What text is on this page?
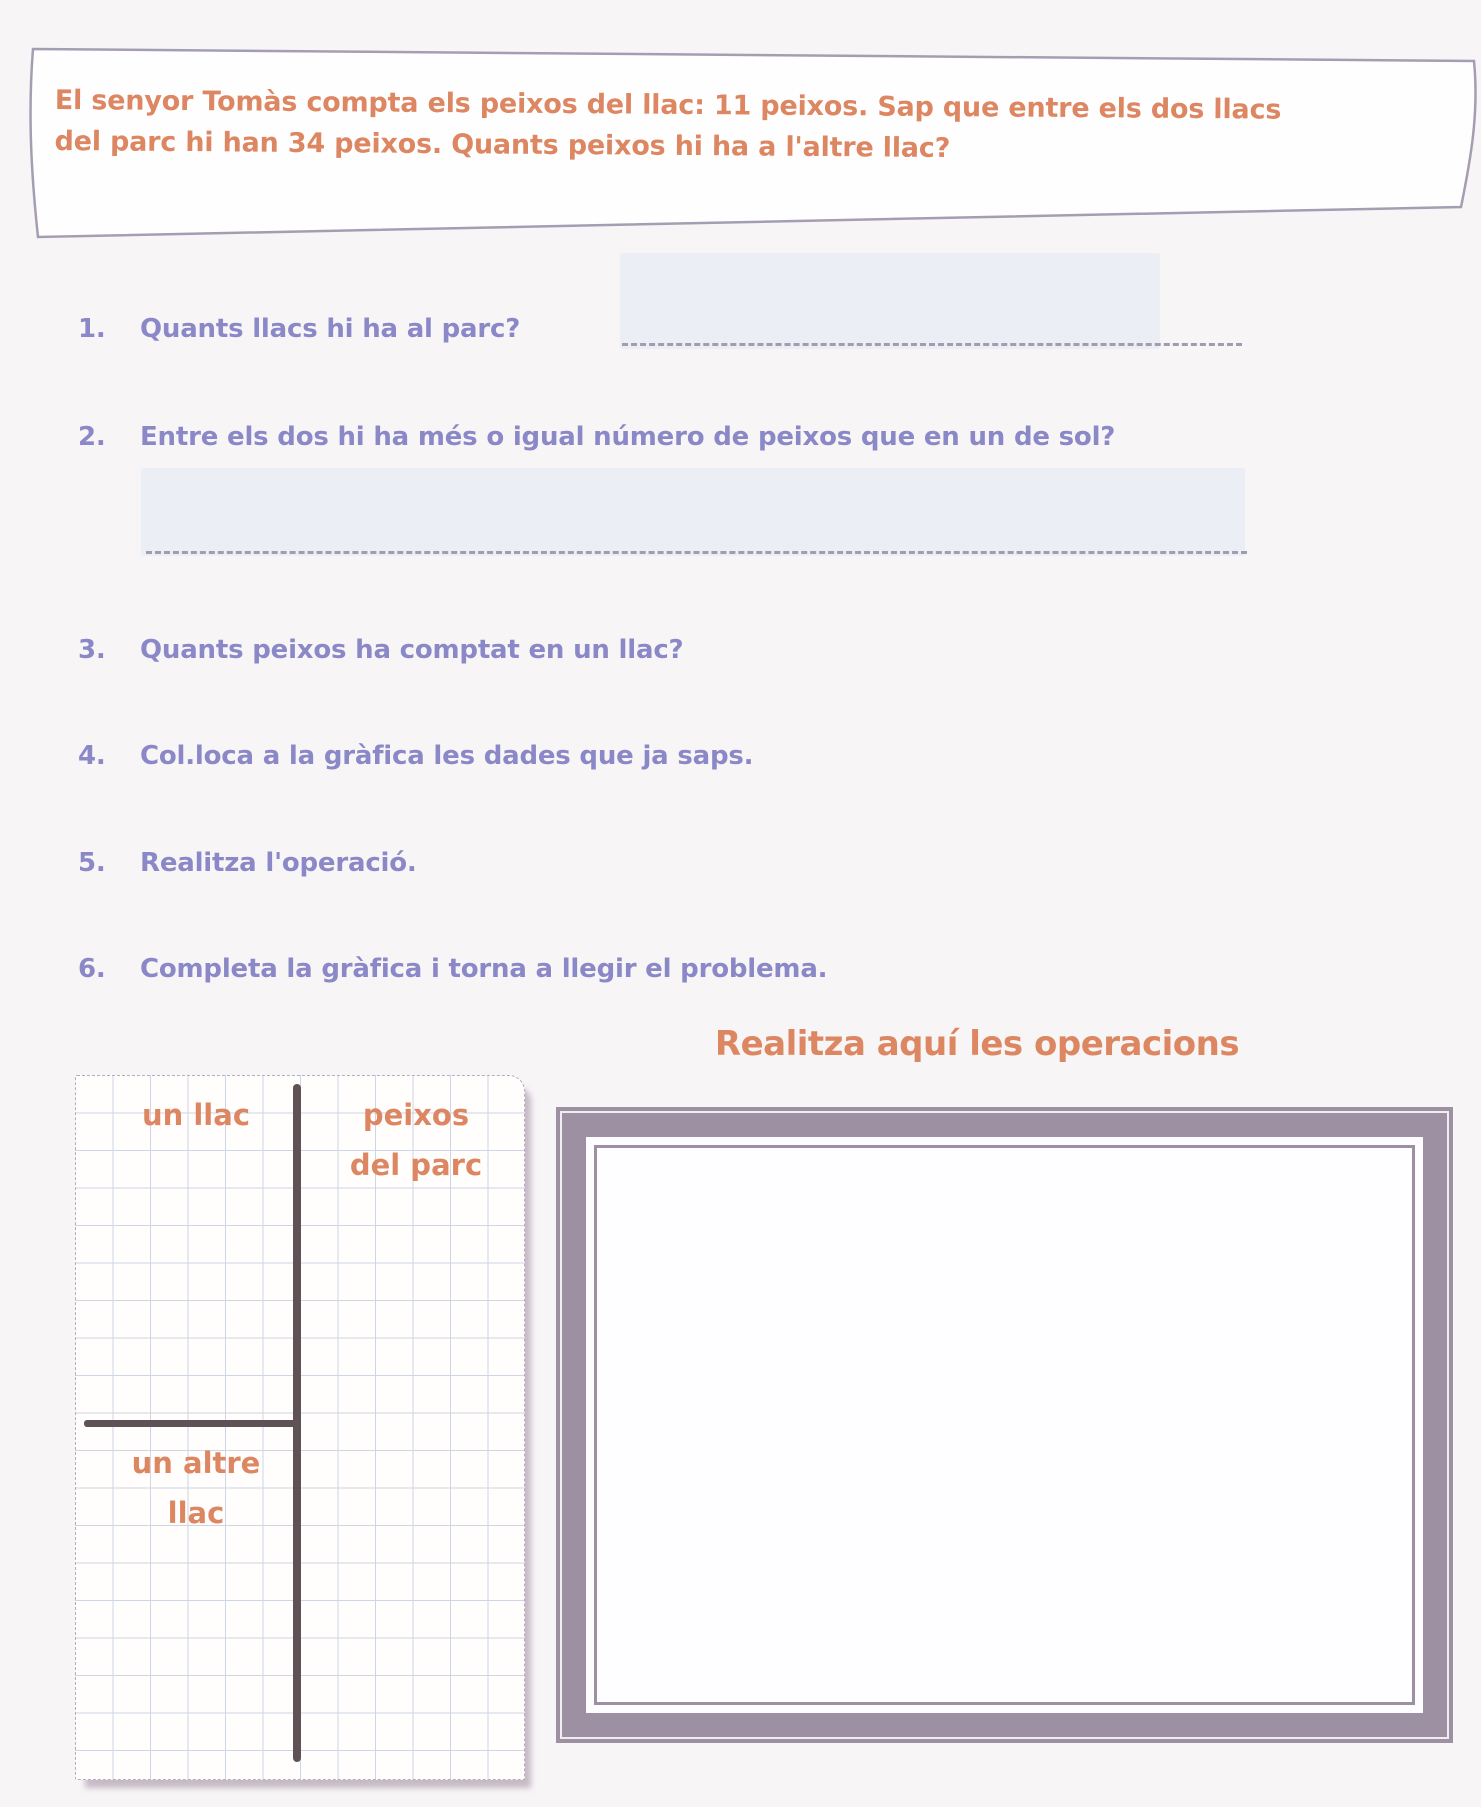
El senyor Tomàs compta els peixos del llac: 11 peixos. Sap que entre els dos llacs
del parc hi han 34 peixos. Quants peixos hi ha a l'altre llac?
1.	Quants llacs hi ha al parc?
2.	Entre els dos hi ha més o igual número de peixos que en un de sol?
3.	Quants peixos ha comptat en un llac?
4.	Col.loca a la gràfica les dades que ja saps.
5.	Realitza l'operació.
6.	Completa la gràfica i torna a llegir el problema.
Realitza aquí les operacions
un llac	peixos
del parc
un altre
llac
